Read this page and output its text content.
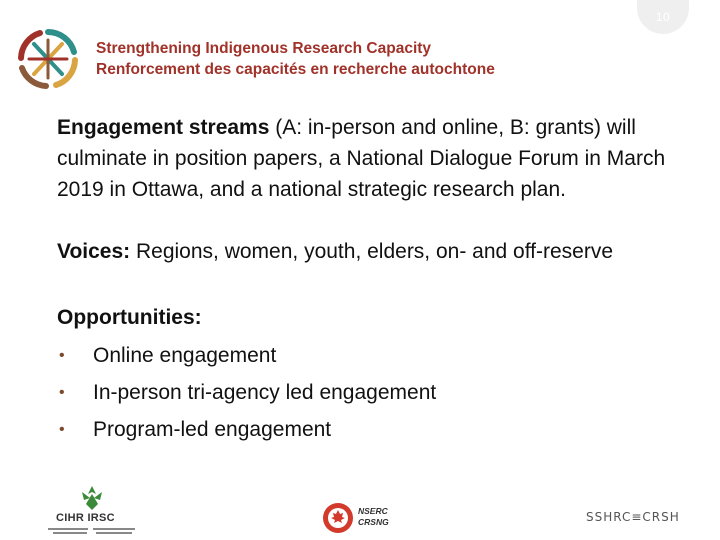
10
Strengthening Indigenous Research Capacity
Renforcement des capacités en recherche autochtone

Engagement streams (A: in-person and online, B: grants) will culminate in position papers, a National Dialogue Forum in March 2019 in Ottawa, and a national strategic research plan.

Voices: Regions, women, youth, elders, on- and off-reserve

Opportunities:
• Online engagement
• In-person tri-agency led engagement
• Program-led engagement
CIHR IRSC
NSERC
CRSNG	SSHRC≡CRSH
